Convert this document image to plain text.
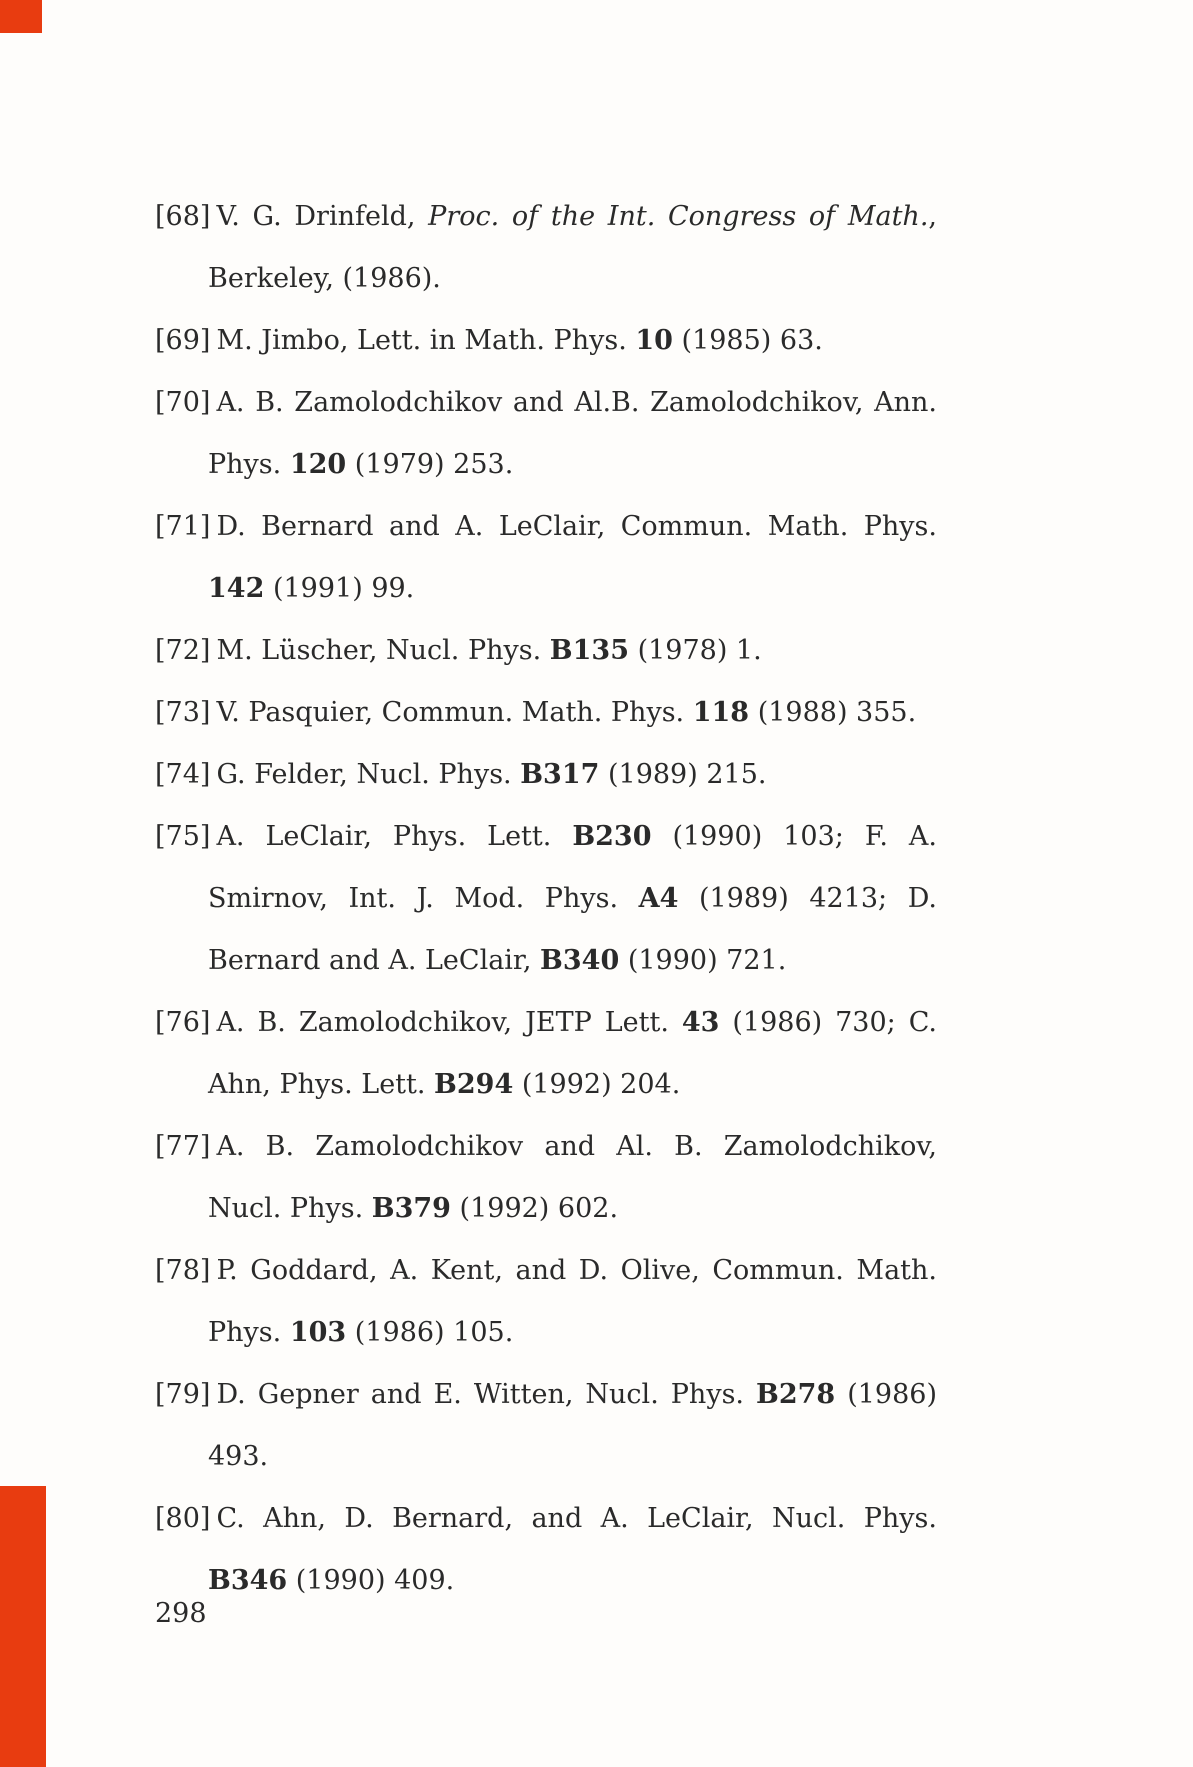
[68] V. G. Drinfeld, Proc. of the Int. Congress of Math., Berkeley, (1986).

[69] M. Jimbo, Lett. in Math. Phys. 10 (1985) 63.

[70] A. B. Zamolodchikov and Al.B. Zamolodchikov, Ann. Phys. 120 (1979) 253.

[71] D. Bernard and A. LeClair, Commun. Math. Phys. 142 (1991) 99.

[72] M. Lüscher, Nucl. Phys. B135 (1978) 1.

[73] V. Pasquier, Commun. Math. Phys. 118 (1988) 355.

[74] G. Felder, Nucl. Phys. B317 (1989) 215.

[75] A. LeClair, Phys. Lett. B230 (1990) 103; F. A. Smirnov, Int. J. Mod. Phys. A4 (1989) 4213; D. Bernard and A. LeClair, B340 (1990) 721.

[76] A. B. Zamolodchikov, JETP Lett. 43 (1986) 730; C. Ahn, Phys. Lett. B294 (1992) 204.

[77] A. B. Zamolodchikov and Al. B. Zamolodchikov, Nucl. Phys. B379 (1992) 602.

[78] P. Goddard, A. Kent, and D. Olive, Commun. Math. Phys. 103 (1986) 105.

[79] D. Gepner and E. Witten, Nucl. Phys. B278 (1986) 493.

[80] C. Ahn, D. Bernard, and A. LeClair, Nucl. Phys. B346 (1990) 409.

298
